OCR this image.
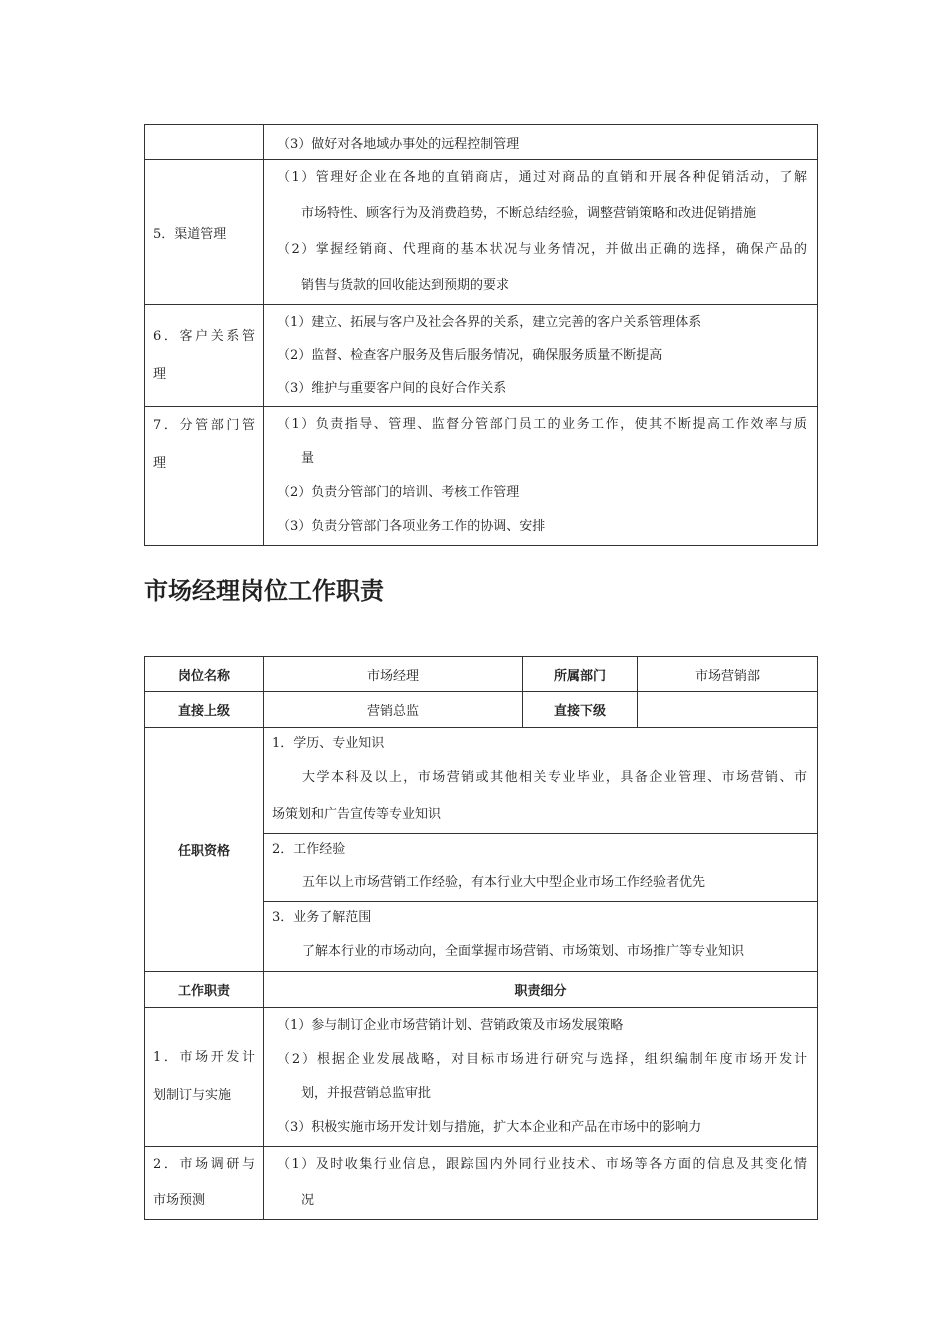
	（3）做好对各地域办事处的远程控制管理

5．渠道管理	（1）管理好企业在各地的直销商店，通过对商品的直销和开展各种促销活动，了解
市场特性、顾客行为及消费趋势，不断总结经验，调整营销策略和改进促销措施
（2）掌握经销商、代理商的基本状况与业务情况，并做出正确的选择，确保产品的
销售与货款的回收能达到预期的要求

6．客户关系管
理	（1）建立、拓展与客户及社会各界的关系，建立完善的客户关系管理体系
（2）监督、检查客户服务及售后服务情况，确保服务质量不断提高
（3）维护与重要客户间的良好合作关系

7．分管部门管
理	（1）负责指导、管理、监督分管部门员工的业务工作，使其不断提高工作效率与质
量
（2）负责分管部门的培训、考核工作管理
（3）负责分管部门各项业务工作的协调、安排
市场经理岗位工作职责
岗位名称	市场经理	所属部门	市场营销部
直接上级	营销总监	直接下级	
任职资格	1．学历、专业知识
大学本科及以上，市场营销或其他相关专业毕业，具备企业管理、市场营销、市
场策划和广告宣传等专业知识		

	2．工作经验
五年以上市场营销工作经验，有本行业大中型企业市场工作经验者优先		

	3．业务了解范围
了解本行业的市场动向，全面掌握市场营销、市场策划、市场推广等专业知识		

工作职责	职责细分		

1．市场开发计
划制订与实施	（1）参与制订企业市场营销计划、营销政策及市场发展策略
（2）根据企业发展战略，对目标市场进行研究与选择，组织编制年度市场开发计
划，并报营销总监审批
（3）积极实施市场开发计划与措施，扩大本企业和产品在市场中的影响力		

2．市场调研与
市场预测	（1）及时收集行业信息，跟踪国内外同行业技术、市场等各方面的信息及其变化情
况		
